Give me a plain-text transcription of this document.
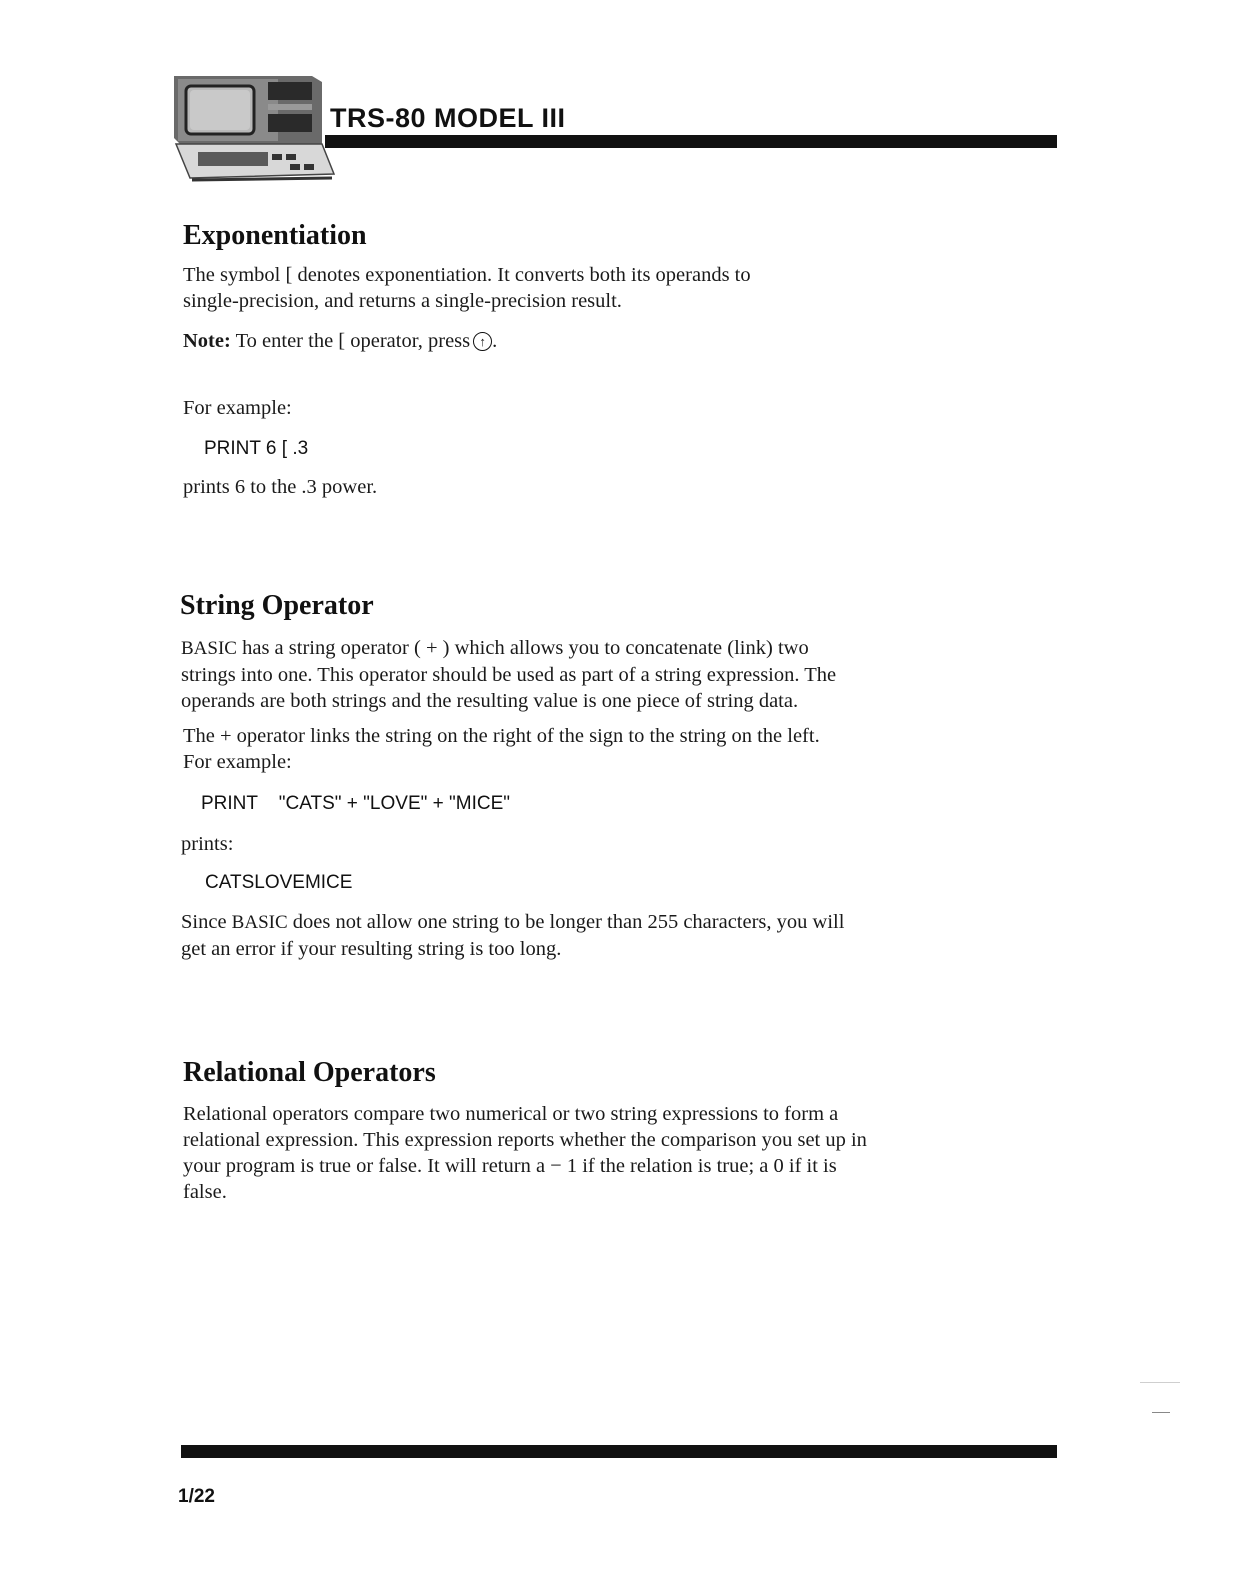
TRS-80 MODEL III
Exponentiation

The symbol [ denotes exponentiation. It converts both its operands to single-precision, and returns a single-precision result.

Note: To enter the [ operator, press ↑ .

For example:

PRINT 6 [ .3

prints 6 to the .3 power.

String Operator

BASIC has a string operator ( + ) which allows you to concatenate (link) two strings into one. This operator should be used as part of a string expression. The operands are both strings and the resulting value is one piece of string data.

The + operator links the string on the right of the sign to the string on the left. For example:

PRINT    "CATS" + "LOVE" + "MICE"

prints:

CATSLOVEMICE

Since BASIC does not allow one string to be longer than 255 characters, you will get an error if your resulting string is too long.

Relational Operators

Relational operators compare two numerical or two string expressions to form a relational expression. This expression reports whether the comparison you set up in your program is true or false. It will return a − 1 if the relation is true; a 0 if it is false.

1/22
